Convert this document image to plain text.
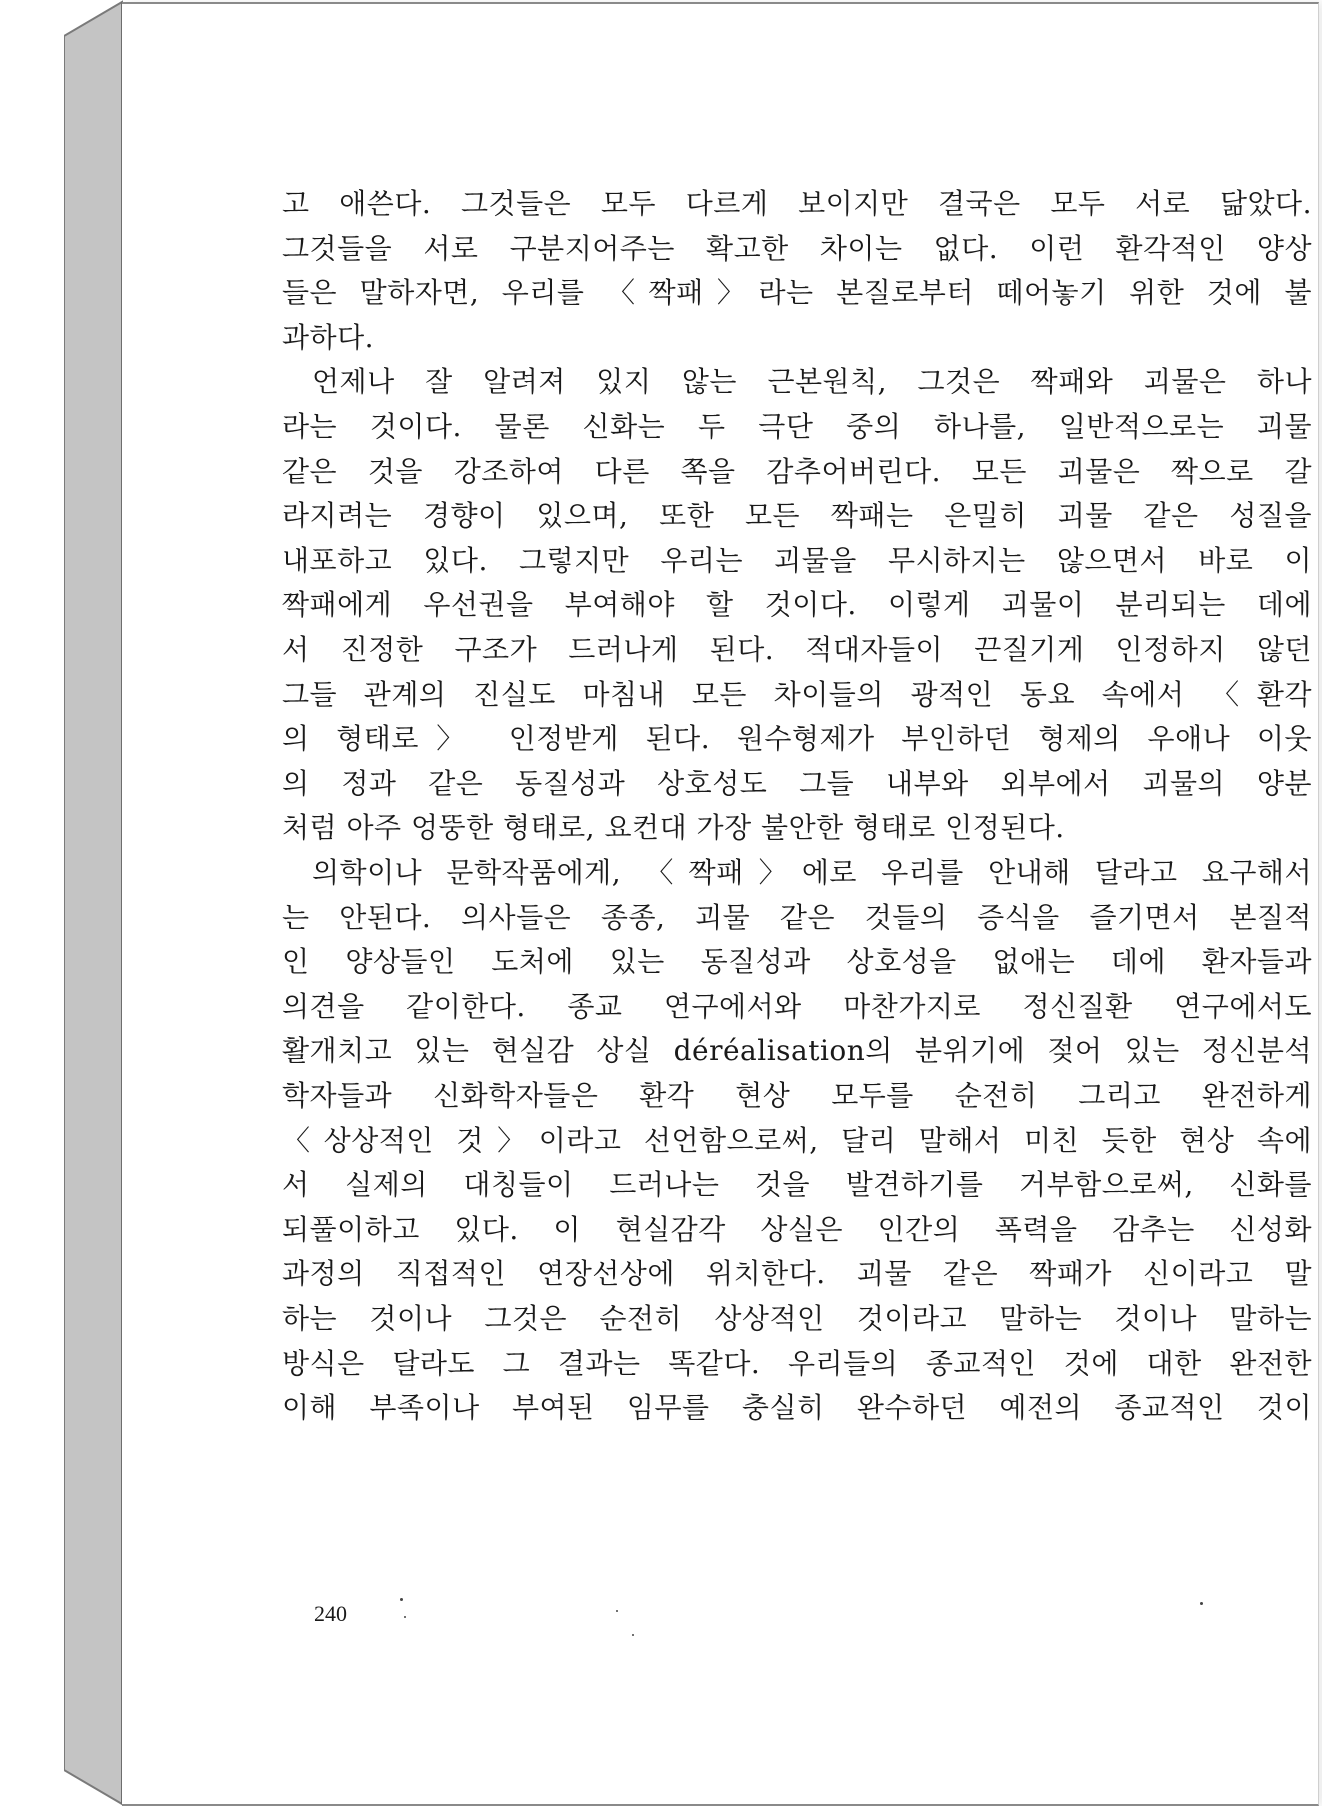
고 애쓴다. 그것들은 모두 다르게 보이지만 결국은 모두 서로 닮았다.
그것들을 서로 구분지어주는 확고한 차이는 없다. 이런 환각적인 양상
들은 말하자면, 우리를 〈짝패〉라는 본질로부터 떼어놓기 위한 것에 불
과하다.
언제나 잘 알려져 있지 않는 근본원칙, 그것은 짝패와 괴물은 하나
라는 것이다. 물론 신화는 두 극단 중의 하나를, 일반적으로는 괴물
같은 것을 강조하여 다른 쪽을 감추어버린다. 모든 괴물은 짝으로 갈
라지려는 경향이 있으며, 또한 모든 짝패는 은밀히 괴물 같은 성질을
내포하고 있다. 그렇지만 우리는 괴물을 무시하지는 않으면서 바로 이
짝패에게 우선권을 부여해야 할 것이다. 이렇게 괴물이 분리되는 데에
서 진정한 구조가 드러나게 된다. 적대자들이 끈질기게 인정하지 않던
그들 관계의 진실도 마침내 모든 차이들의 광적인 동요 속에서 〈환각
의 형태로〉 인정받게 된다. 원수형제가 부인하던 형제의 우애나 이웃
의 정과 같은 동질성과 상호성도 그들 내부와 외부에서 괴물의 양분
처럼 아주 엉뚱한 형태로, 요컨대 가장 불안한 형태로 인정된다.
의학이나 문학작품에게, 〈짝패〉에로 우리를 안내해 달라고 요구해서
는 안된다. 의사들은 종종, 괴물 같은 것들의 증식을 즐기면서 본질적
인 양상들인 도처에 있는 동질성과 상호성을 없애는 데에 환자들과
의견을 같이한다. 종교 연구에서와 마찬가지로 정신질환 연구에서도
활개치고 있는 현실감 상실 déréalisation의 분위기에 젖어 있는 정신분석
학자들과 신화학자들은 환각 현상 모두를 순전히 그리고 완전하게
〈상상적인 것〉이라고 선언함으로써, 달리 말해서 미친 듯한 현상 속에
서 실제의 대칭들이 드러나는 것을 발견하기를 거부함으로써, 신화를
되풀이하고 있다. 이 현실감각 상실은 인간의 폭력을 감추는 신성화
과정의 직접적인 연장선상에 위치한다. 괴물 같은 짝패가 신이라고 말
하는 것이나 그것은 순전히 상상적인 것이라고 말하는 것이나 말하는
방식은 달라도 그 결과는 똑같다. 우리들의 종교적인 것에 대한 완전한
이해 부족이나 부여된 임무를 충실히 완수하던 예전의 종교적인 것이
240
